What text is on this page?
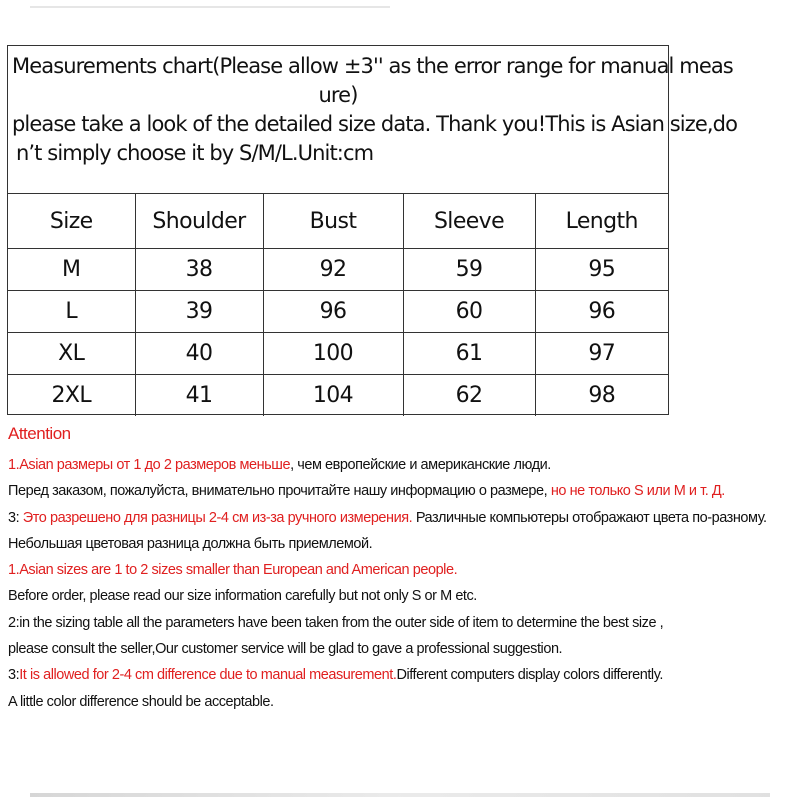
Measurements chart(Please allow ±3'' as the error range for manual meas
ure)
please take a look of the detailed size data. Thank you!This is Asian size,do
n’t simply choose it by S/M/L.Unit:cm
Size	Shoulder	Bust	Sleeve	Length
M	38	92	59	95
L	39	96	60	96
XL	40	100	61	97
2XL	41	104	62	98
Attention
1.Asian размеры от 1 до 2 размеров меньше, чем европейские и американские люди.
Перед заказом, пожалуйста, внимательно прочитайте нашу информацию о размере, но не только S или M и т. Д.
3: Это разрешено для разницы 2-4 см из-за ручного измерения. Различные компьютеры отображают цвета по-разному.
Небольшая цветовая разница должна быть приемлемой.
1.Asian sizes are 1 to 2 sizes smaller than European and American people.
Before order, please read our size information carefully but not only S or M etc.
2:in the sizing table all the parameters have been taken from the outer side of item to determine the best size ,
please consult the seller,Our customer service will be glad to gave a professional suggestion.
3:It is allowed for 2-4 cm difference due to manual measurement.Different computers display colors differently.
A little color difference should be acceptable.
